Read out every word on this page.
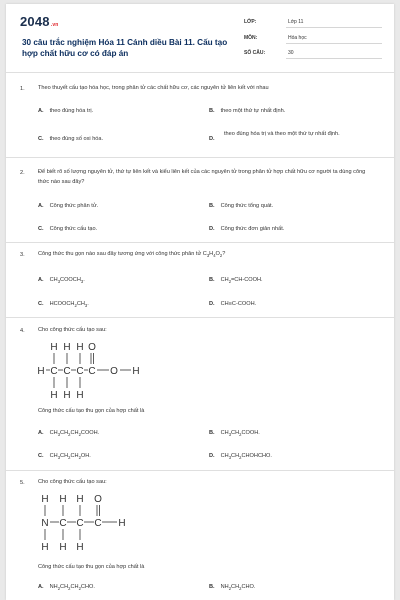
2048.vn
30 câu trắc nghiệm Hóa 11 Cánh diều Bài 11. Cấu tạo hợp chất hữu cơ có đáp án
LỚP:	Lớp 11
MÔN:	Hóa học
SỐ CÂU:	30
1. Theo thuyết cấu tạo hóa học, trong phân tử các chất hữu cơ, các nguyên tử liên kết với nhau
A. theo đúng hóa trị.	B. theo một thứ tự nhất định.
C. theo đúng số oxi hóa.	D.
theo đúng hóa trị và theo một thứ tự nhất định.
2. Để biết rõ số lượng nguyên tử, thứ tự liên kết và kiểu liên kết của các nguyên tử trong phân tử hợp chất hữu cơ người ta dùng công thức nào sau đây?
A. Công thức phân tử.	B. Công thức tổng quát.
C. Công thức cấu tạo.	D. Công thức đơn giản nhất.
3. Công thức thu gọn nào sau đây tương ứng với công thức phân tử $C_3H_4O_2$?
A. $CH_3COOCH_3$.	B. $CH_2=CH$-COOH.
C. $HCOOCH_2CH_3$.	D. CH≡C-COOH.
4. Cho công thức cấu tạo sau:
H H H O
H C C C C O H
H H H
Công thức cấu tạo thu gọn của hợp chất là
A. $CH_3CH_2CH_2COOH$.	B. $CH_3CH_2COOH$.
C. $CH_3CH_2CH_2OH$.	D. $CH_3CH_2CHOHCHO$.
5. Cho công thức cấu tạo sau:
H H H O
N C C C H
H H H
Công thức cấu tạo thu gọn của hợp chất là
A. $NH_2CH_2CH_2CHO$.	B. $NH_2CH_2CHO$.
